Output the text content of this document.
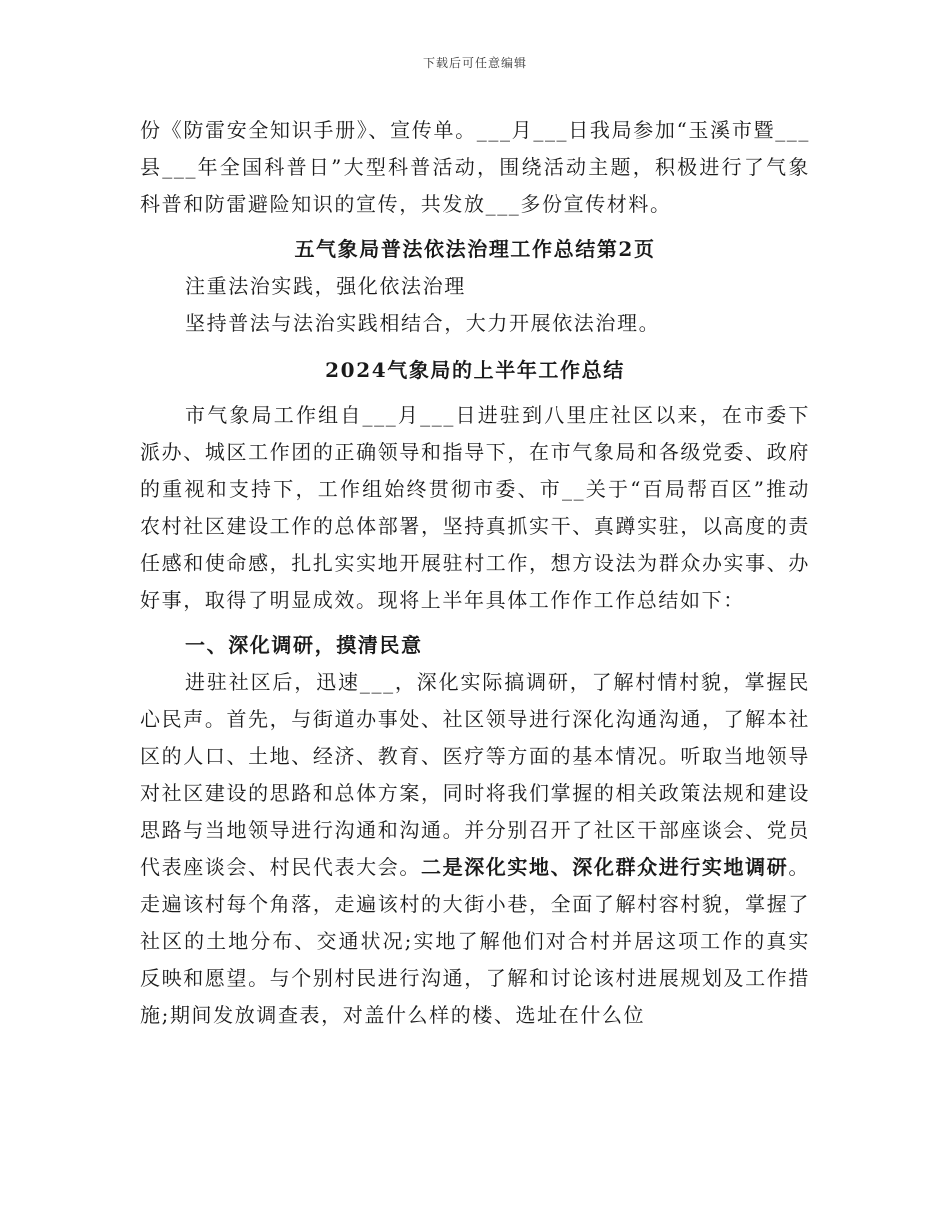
下载后可任意编辑

份《防雷安全知识手册》、宣传单。___月___日我局参加“玉溪市暨___县___年全国科普日”大型科普活动，围绕活动主题，积极进行了气象科普和防雷避险知识的宣传，共发放___多份宣传材料。

五气象局普法依法治理工作总结第2页

注重法治实践，强化依法治理

坚持普法与法治实践相结合，大力开展依法治理。

2024气象局的上半年工作总结

市气象局工作组自___月___日进驻到八里庄社区以来，在市委下派办、城区工作团的正确领导和指导下，在市气象局和各级党委、政府的重视和支持下，工作组始终贯彻市委、市__关于“百局帮百区”推动农村社区建设工作的总体部署，坚持真抓实干、真蹲实驻，以高度的责任感和使命感，扎扎实实地开展驻村工作，想方设法为群众办实事、办好事，取得了明显成效。现将上半年具体工作作工作总结如下：

一、深化调研，摸清民意

进驻社区后，迅速___，深化实际搞调研，了解村情村貌，掌握民心民声。首先，与街道办事处、社区领导进行深化沟通沟通，了解本社区的人口、土地、经济、教育、医疗等方面的基本情况。听取当地领导对社区建设的思路和总体方案，同时将我们掌握的相关政策法规和建设思路与当地领导进行沟通和沟通。并分别召开了社区干部座谈会、党员代表座谈会、村民代表大会。二是深化实地、深化群众进行实地调研。走遍该村每个角落，走遍该村的大街小巷，全面了解村容村貌，掌握了社区的土地分布、交通状况;实地了解他们对合村并居这项工作的真实反映和愿望。与个别村民进行沟通，了解和讨论该村进展规划及工作措施;期间发放调查表，对盖什么样的楼、选址在什么位
